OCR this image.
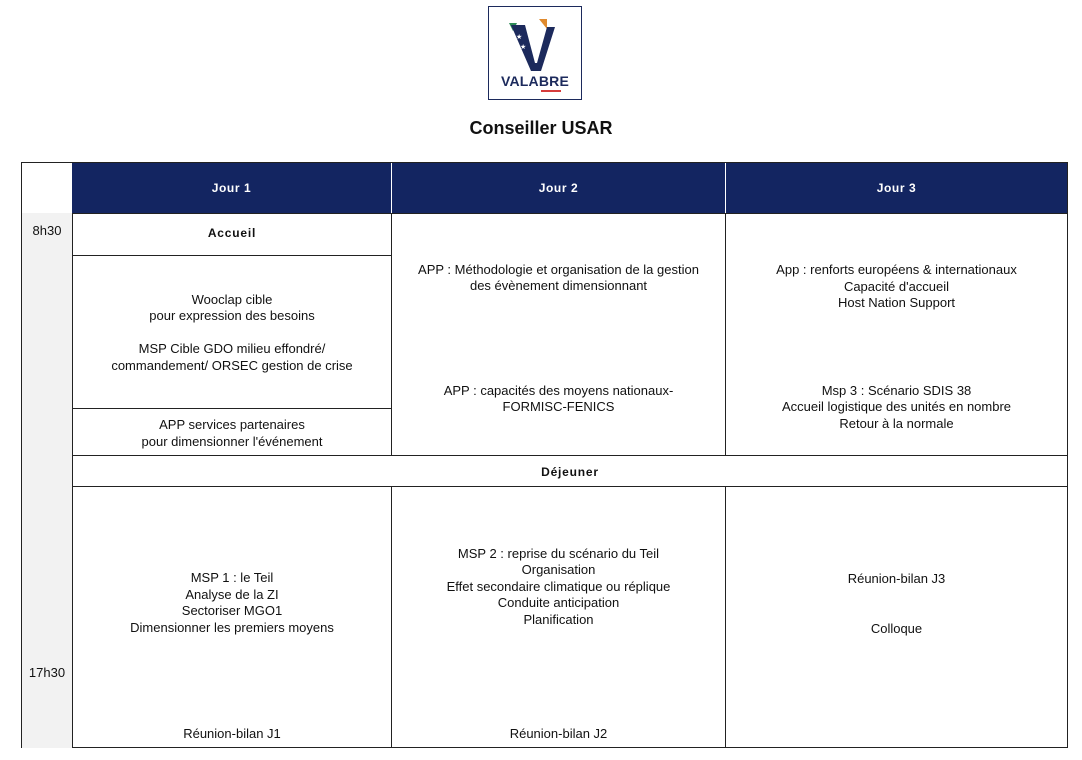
★
★
VALABRE
Conseiller USAR
8h30
17h30
Jour 1	Jour 2	Jour 3
Accueil
Wooclap cible
pour expression des besoins
MSP Cible GDO milieu effondré/
commandement/ ORSEC gestion de crise
APP services partenaires
pour dimensionner l'événement
APP : Méthodologie et organisation de la gestion
des évènement dimensionnant
APP : capacités des moyens nationaux-
FORMISC-FENICS
App : renforts européens & internationaux
Capacité d'accueil
Host Nation Support
Msp 3 : Scénario SDIS 38
Accueil logistique des unités en nombre
Retour à la normale
Déjeuner
MSP 1 : le Teil
Analyse de la ZI
Sectoriser MGO1
Dimensionner les premiers moyens
Réunion-bilan J1
MSP 2 : reprise du scénario du Teil
Organisation
Effet secondaire climatique ou réplique
Conduite anticipation
Planification
Réunion-bilan J2
Réunion-bilan J3
Colloque
